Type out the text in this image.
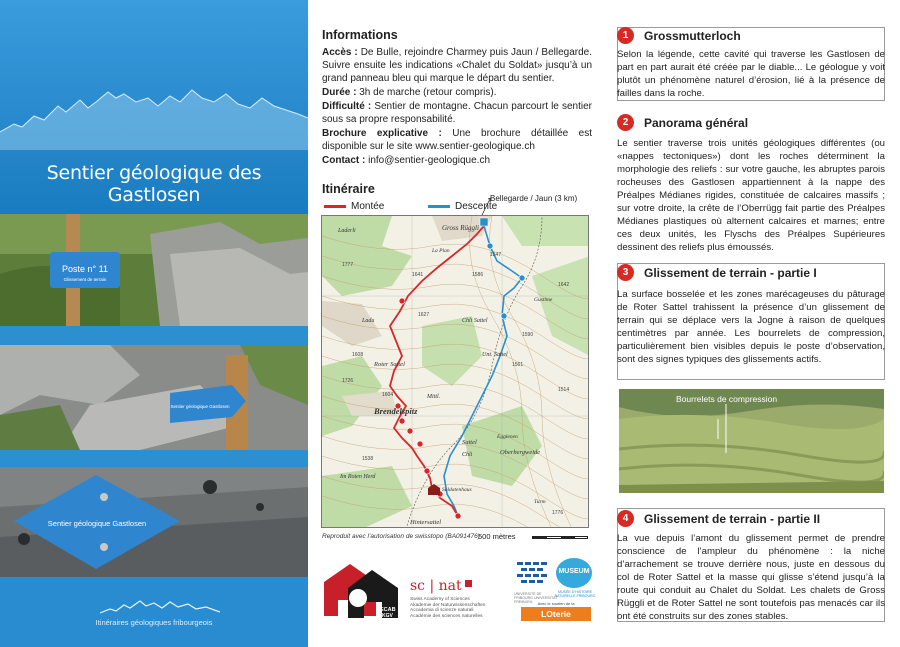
Sentier géologique des Gastlosen
Poste n° 11
Glissement de terrain
Sentier géologique Gastlosen
Sentier géologique Gastlosen
Itinéraires géologiques fribourgeois
Informations

Accès : De Bulle, rejoindre Charmey puis Jaun / Bellegarde. Suivre ensuite les indications «Chalet du Soldat» jusqu’à un grand panneau bleu qui marque le départ du sentier.

Durée : 3h de marche (retour compris).

Difficulté : Sentier de montagne. Chacun parcourt le sentier sous sa propre responsabilité.

Brochure explicative : Une brochure détaillée est disponible sur le site www.sentier-geologique.ch

Contact : info@sentier-geologique.ch

Itinéraire
Bellegarde / Jaun (3 km)
Montée	Descente
Gross Rüggli
Laderli
Chli Sattel
Roter Sattel
Brendelspitz
Sattel
Oberbergweide
Im Roten Herd
Soldatenhaus
Hintersattel
Gustime
Egglenen
Mittl.
Chli
Unt. Sattel
Ladu
La Plan
Turm
1547
1586
1641
1608
1777
1726
1538
1561
1642
1776
1590
1514
1627
1604
Reproduit avec l’autorisation de swisstopo (BA091476)
500 mètres
ECAB
KGV
sc | nat
Swiss Academy of Sciences
Akademie der Naturwissenschaften
Accademia di scienze naturali
Académie des sciences naturelles
UNIVERSITÉ DE FRIBOURG UNIVERSITÄT FREIBURG
MUSEUM
MUSÉE D’HISTOIRE NATURELLE FRIBOURG
Avec le soutien de la
LOterie Romande
1	Grossmutterloch
Selon la légende, cette cavité qui traverse les Gastlosen de part en part aurait été créée par le diable... Le géologue y voit plutôt un phénomène naturel d’érosion, lié à la présence de failles dans la roche.
2	Panorama général
Le sentier traverse trois unités géologiques différentes (ou «nappes tectoniques») dont les roches déterminent la morphologie des reliefs : sur votre gauche, les abruptes parois rocheuses des Gastlosen appartiennent à la nappe des Préalpes Médianes rigides, constituée de calcaires massifs ; sur votre droite, la crête de l’Oberrügg fait partie des Préalpes Médianes plastiques où alternent calcaires et marnes; entre ces deux unités, les Flyschs des Préalpes Supérieures dessinent des reliefs plus émoussés.
3	Glissement de terrain - partie I
La surface bosselée et les zones marécageuses du pâturage de Roter Sattel trahissent la présence d’un glissement de terrain qui se déplace vers la Jogne à raison de quelques centimètres par année. Les bourrelets de compression, particulièrement bien visibles depuis le poste d’observation, sont des signes typiques des glissements actifs.
Bourrelets de compression
4	Glissement de terrain - partie II
La vue depuis l’amont du glissement permet de prendre conscience de l’ampleur du phénomène : la niche d’arrachement se trouve derrière nous, juste en dessous du col de Roter Sattel et la masse qui glisse s’étend jusqu’à la route qui conduit au Chalet du Soldat. Les chalets de Gross Rüggli et de Roter Sattel ne sont toutefois pas menacés car ils ont été construits sur des zones stables.
